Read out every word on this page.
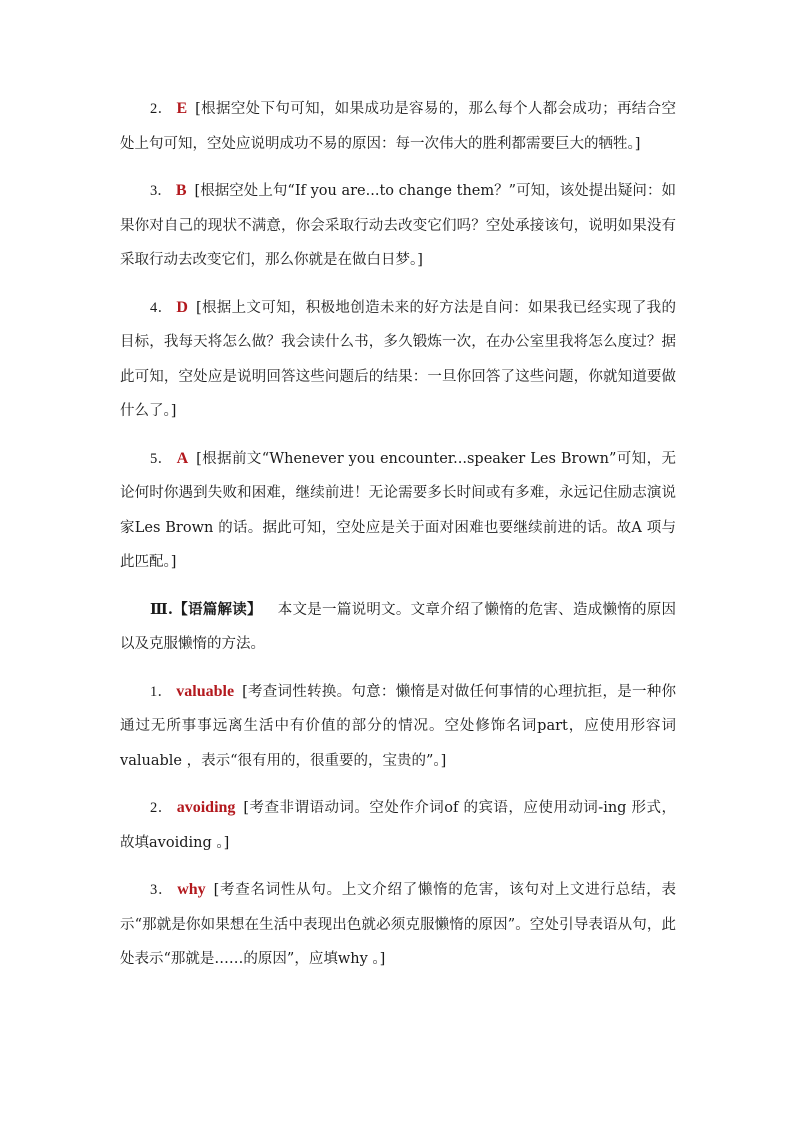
2． E [根据空处下句可知，如果成功是容易的，那么每个人都会成功；再结合空处上句可知，空处应说明成功不易的原因：每一次伟大的胜利都需要巨大的牺牲。]

3． B [根据空处上句“If you are...to change them？”可知，该处提出疑问：如果你对自己的现状不满意，你会采取行动去改变它们吗？空处承接该句，说明如果没有采取行动去改变它们，那么你就是在做白日梦。]

4． D [根据上文可知，积极地创造未来的好方法是自问：如果我已经实现了我的目标，我每天将怎么做？我会读什么书，多久锻炼一次，在办公室里我将怎么度过？据此可知，空处应是说明回答这些问题后的结果：一旦你回答了这些问题，你就知道要做什么了。]

5． A [根据前文“Whenever you encounter...speaker Les Brown”可知，无论何时你遇到失败和困难，继续前进！无论需要多长时间或有多难，永远记住励志演说家Les Brown 的话。据此可知，空处应是关于面对困难也要继续前进的话。故A 项与此匹配。]

Ⅲ.【语篇解读】 本文是一篇说明文。文章介绍了懒惰的危害、造成懒惰的原因以及克服懒惰的方法。

1． valuable [考查词性转换。句意：懒惰是对做任何事情的心理抗拒，是一种你通过无所事事远离生活中有价值的部分的情况。空处修饰名词part，应使用形容词valuable ，表示“很有用的，很重要的，宝贵的”。]

2． avoiding [考查非谓语动词。空处作介词of 的宾语，应使用动词-ing 形式，故填avoiding 。]

3． why [考查名词性从句。上文介绍了懒惰的危害，该句对上文进行总结，表示“那就是你如果想在生活中表现出色就必须克服懒惰的原因”。空处引导表语从句，此处表示“那就是……的原因”，应填why 。]
